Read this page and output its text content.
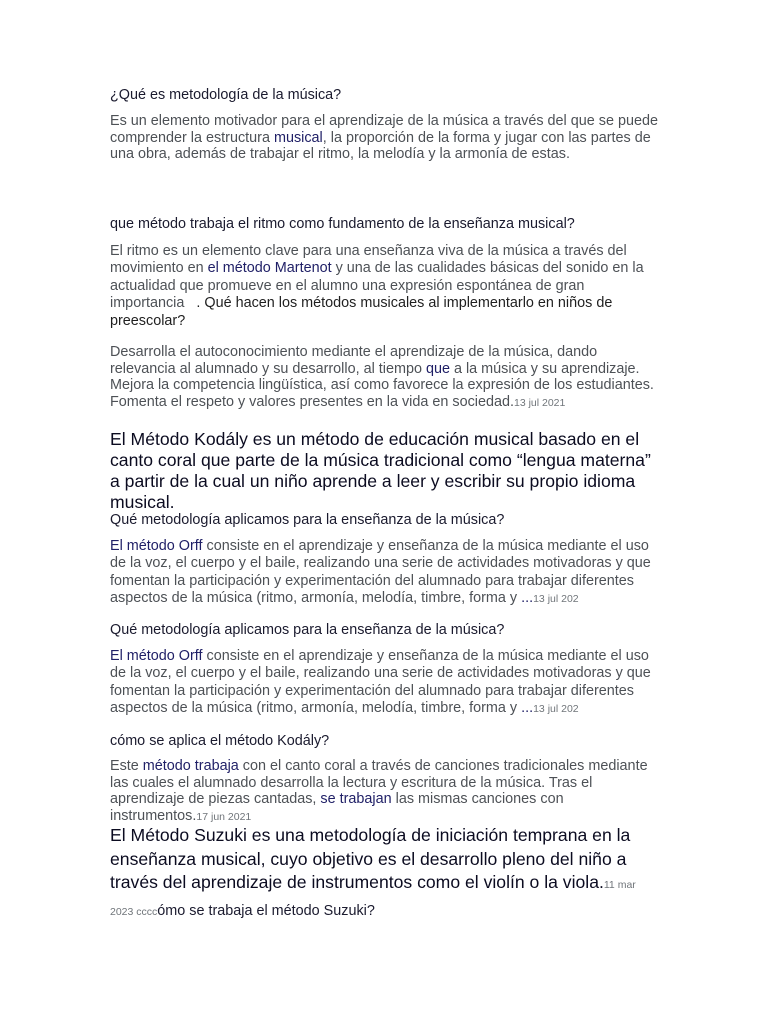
¿Qué es metodología de la música?

Es un elemento motivador para el aprendizaje de la música a través del que se puede comprender la estructura musical, la proporción de la forma y jugar con las partes de una obra, además de trabajar el ritmo, la melodía y la armonía de estas.

que método trabaja el ritmo como fundamento de la enseñanza musical?

El ritmo es un elemento clave para una enseñanza viva de la música a través del movimiento en el método Martenot y una de las cualidades básicas del sonido en la actualidad que promueve en el alumno una expresión espontánea de gran importancia   . Qué hacen los métodos musicales al implementarlo en niños de preescolar?

Desarrolla el autoconocimiento mediante el aprendizaje de la música, dando relevancia al alumnado y su desarrollo, al tiempo que a la música y su aprendizaje. Mejora la competencia lingüística, así como favorece la expresión de los estudiantes. Fomenta el respeto y valores presentes en la vida en sociedad.13 jul 2021

El Método Kodály es un método de educación musical basado en el canto coral que parte de la música tradicional como “lengua materna” a partir de la cual un niño aprende a leer y escribir su propio idioma musical.

Qué metodología aplicamos para la enseñanza de la música?

El método Orff consiste en el aprendizaje y enseñanza de la música mediante el uso de la voz, el cuerpo y el baile, realizando una serie de actividades motivadoras y que fomentan la participación y experimentación del alumnado para trabajar diferentes aspectos de la música (ritmo, armonía, melodía, timbre, forma y ...13 jul 202

Qué metodología aplicamos para la enseñanza de la música?

El método Orff consiste en el aprendizaje y enseñanza de la música mediante el uso de la voz, el cuerpo y el baile, realizando una serie de actividades motivadoras y que fomentan la participación y experimentación del alumnado para trabajar diferentes aspectos de la música (ritmo, armonía, melodía, timbre, forma y ...13 jul 202

cómo se aplica el método Kodály?

Este método trabaja con el canto coral a través de canciones tradicionales mediante las cuales el alumnado desarrolla la lectura y escritura de la música. Tras el aprendizaje de piezas cantadas, se trabajan las mismas canciones con instrumentos.17 jun 2021

El Método Suzuki es una metodología de iniciación temprana en la enseñanza musical, cuyo objetivo es el desarrollo pleno del niño a través del aprendizaje de instrumentos como el violín o la viola.11 mar 2023 ccccómo se trabaja el método Suzuki?
